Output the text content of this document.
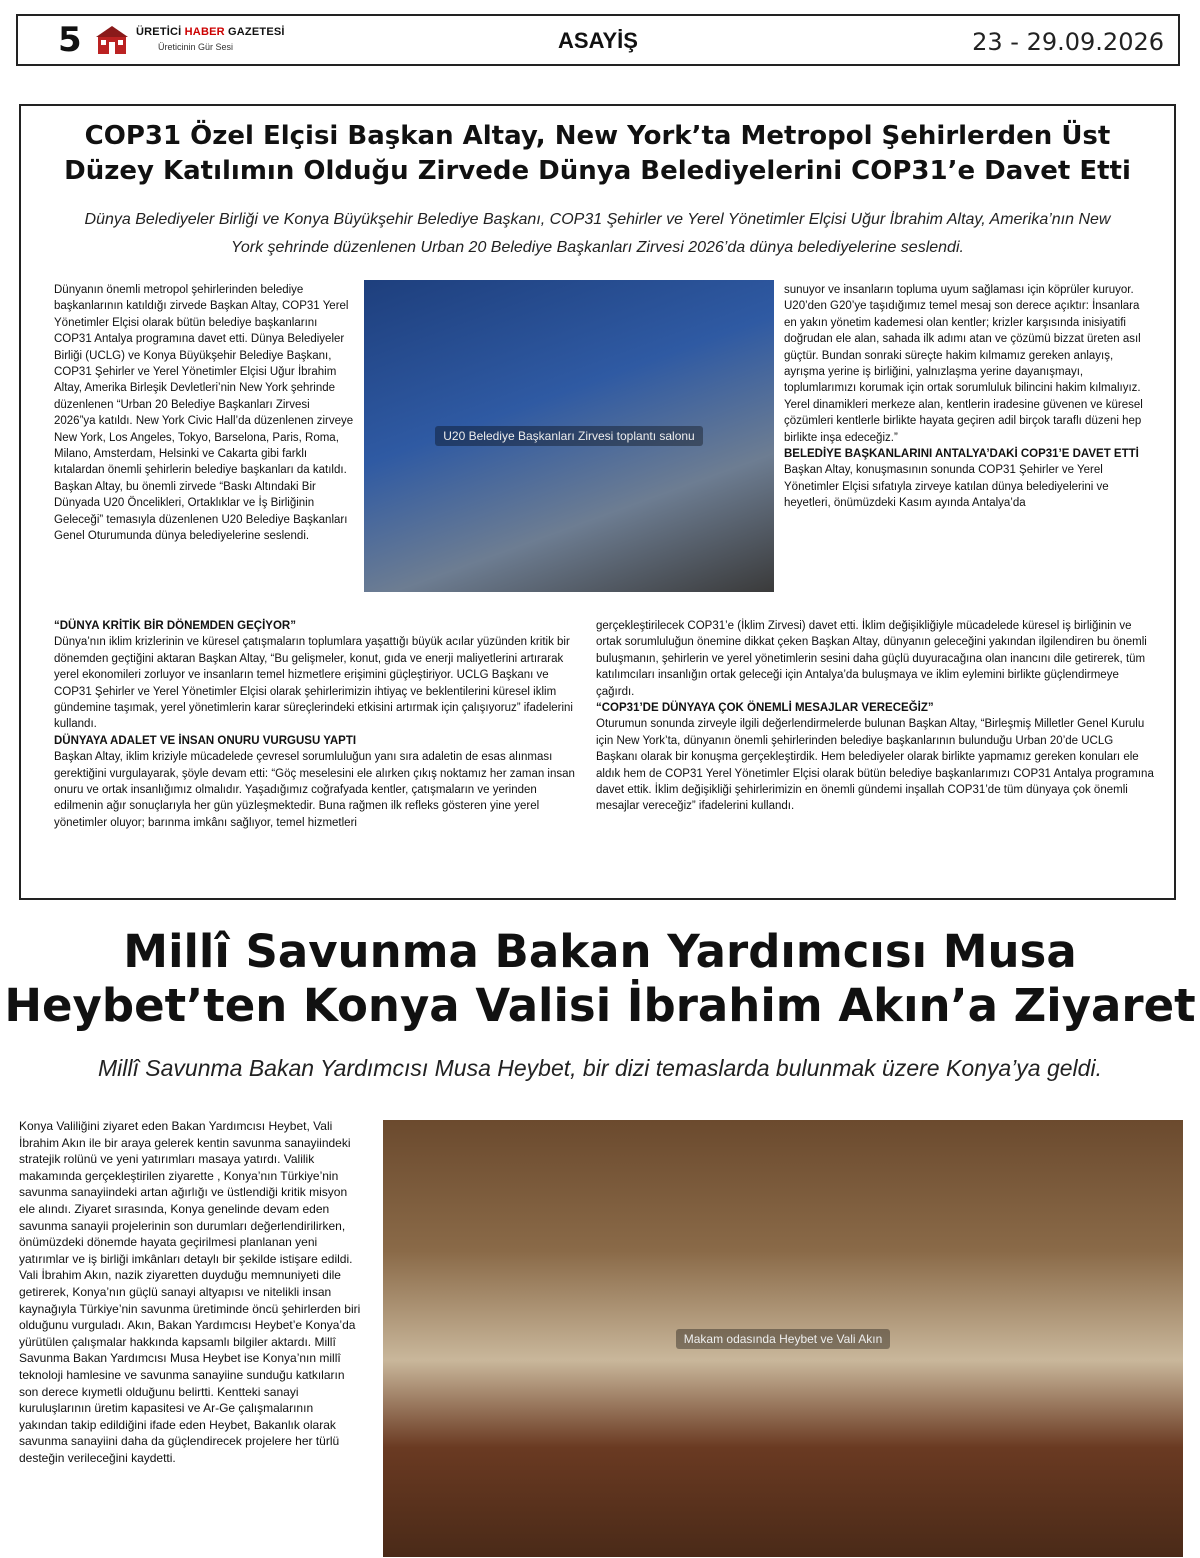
5	ÜRETİCİ HABER GAZETESİ
Üreticinin Gür Sesi	ASAYİŞ	23 - 29.09.2026
COP31 Özel Elçisi Başkan Altay, New York’ta Metropol Şehirlerden Üst
Düzey Katılımın Olduğu Zirvede Dünya Belediyelerini COP31’e Davet Etti
Dünya Belediyeler Birliği ve Konya Büyükşehir Belediye Başkanı, COP31 Şehirler ve Yerel Yönetimler Elçisi Uğur İbrahim Altay, Amerika’nın New
York şehrinde düzenlenen Urban 20 Belediye Başkanları Zirvesi 2026’da dünya belediyelerine seslendi.
U20 Belediye Başkanları Zirvesi toplantı salonu

Dünyanın önemli metropol şehirlerinden belediye başkanlarının katıldığı zirvede Başkan Altay, COP31 Yerel Yönetimler Elçisi olarak bütün belediye başkanlarını COP31 Antalya programına davet etti. Dünya Belediyeler Birliği (UCLG) ve Konya Büyükşehir Belediye Başkanı, COP31 Şehirler ve Yerel Yönetimler Elçisi Uğur İbrahim Altay, Amerika Birleşik Devletleri’nin New York şehrinde düzenlenen “Urban 20 Belediye Başkanları Zirvesi 2026”ya katıldı. New York Civic Hall’da düzenlenen zirveye New York, Los Angeles, Tokyo, Barselona, Paris, Roma, Milano, Amsterdam, Helsinki ve Cakarta gibi farklı kıtalardan önemli şehirlerin belediye başkanları da katıldı. Başkan Altay, bu önemli zirvede “Baskı Altındaki Bir Dünyada U20 Öncelikleri, Ortaklıklar ve İş Birliğinin Geleceği” temasıyla düzenlenen U20 Belediye Başkanları Genel Oturumunda dünya belediyelerine seslendi.

sunuyor ve insanların topluma uyum sağlaması için köprüler kuruyor. U20’den G20’ye taşıdığımız temel mesaj son derece açıktır: İnsanlara en yakın yönetim kademesi olan kentler; krizler karşısında inisiyatifi doğrudan ele alan, sahada ilk adımı atan ve çözümü bizzat üreten asıl güçtür. Bundan sonraki süreçte hakim kılmamız gereken anlayış, ayrışma yerine iş birliğini, yalnızlaşma yerine dayanışmayı, toplumlarımızı korumak için ortak sorumluluk bilincini hakim kılmalıyız. Yerel dinamikleri merkeze alan, kentlerin iradesine güvenen ve küresel çözümleri kentlerle birlikte hayata geçiren adil birçok taraflı düzeni hep birlikte inşa edeceğiz.”

BELEDİYE BAŞKANLARINI ANTALYA’DAKİ COP31’E DAVET ETTİ

Başkan Altay, konuşmasının sonunda COP31 Şehirler ve Yerel Yönetimler Elçisi sıfatıyla zirveye katılan dünya belediyelerini ve heyetleri, önümüzdeki Kasım ayında Antalya’da

“DÜNYA KRİTİK BİR DÖNEMDEN GEÇİYOR”

Dünya’nın iklim krizlerinin ve küresel çatışmaların toplumlara yaşattığı büyük acılar yüzünden kritik bir dönemden geçtiğini aktaran Başkan Altay, “Bu gelişmeler, konut, gıda ve enerji maliyetlerini artırarak yerel ekonomileri zorluyor ve insanların temel hizmetlere erişimini güçleştiriyor. UCLG Başkanı ve COP31 Şehirler ve Yerel Yönetimler Elçisi olarak şehirlerimizin ihtiyaç ve beklentilerini küresel iklim gündemine taşımak, yerel yönetimlerin karar süreçlerindeki etkisini artırmak için çalışıyoruz” ifadelerini kullandı.

DÜNYAYA ADALET VE İNSAN ONURU VURGUSU YAPTI

Başkan Altay, iklim kriziyle mücadelede çevresel sorumluluğun yanı sıra adaletin de esas alınması gerektiğini vurgulayarak, şöyle devam etti: “Göç meselesini ele alırken çıkış noktamız her zaman insan onuru ve ortak insanlığımız olmalıdır. Yaşadığımız coğrafyada kentler, çatışmaların ve yerinden edilmenin ağır sonuçlarıyla her gün yüzleşmektedir. Buna rağmen ilk refleks gösteren yine yerel yönetimler oluyor; barınma imkânı sağlıyor, temel hizmetleri

gerçekleştirilecek COP31’e (İklim Zirvesi) davet etti. İklim değişikliğiyle mücadelede küresel iş birliğinin ve ortak sorumluluğun önemine dikkat çeken Başkan Altay, dünyanın geleceğini yakından ilgilendiren bu önemli buluşmanın, şehirlerin ve yerel yönetimlerin sesini daha güçlü duyuracağına olan inancını dile getirerek, tüm katılımcıları insanlığın ortak geleceği için Antalya’da buluşmaya ve iklim eylemini birlikte güçlendirmeye çağırdı.

“COP31’DE DÜNYAYA ÇOK ÖNEMLİ MESAJLAR VERECEĞİZ”

Oturumun sonunda zirveyle ilgili değerlendirmelerde bulunan Başkan Altay, “Birleşmiş Milletler Genel Kurulu için New York’ta, dünyanın önemli şehirlerinden belediye başkanlarının bulunduğu Urban 20’de UCLG Başkanı olarak bir konuşma gerçekleştirdik. Hem belediyeler olarak birlikte yapmamız gereken konuları ele aldık hem de COP31 Yerel Yönetimler Elçisi olarak bütün belediye başkanlarımızı COP31 Antalya programına davet ettik. İklim değişikliği şehirlerimizin en önemli gündemi inşallah COP31’de tüm dünyaya çok önemli mesajlar vereceğiz” ifadelerini kullandı.

Millî Savunma Bakan Yardımcısı Musa
Heybet’ten Konya Valisi İbrahim Akın’a Ziyaret
Millî Savunma Bakan Yardımcısı Musa Heybet, bir dizi temaslarda bulunmak üzere Konya’ya geldi.

Konya Valiliğini ziyaret eden Bakan Yardımcısı Heybet, Vali İbrahim Akın ile bir araya gelerek kentin savunma sanayiindeki stratejik rolünü ve yeni yatırımları masaya yatırdı. Valilik makamında gerçekleştirilen ziyarette , Konya’nın Türkiye’nin savunma sanayiindeki artan ağırlığı ve üstlendiği kritik misyon ele alındı. Ziyaret sırasında, Konya genelinde devam eden savunma sanayii projelerinin son durumları değerlendirilirken, önümüzdeki dönemde hayata geçirilmesi planlanan yeni yatırımlar ve iş birliği imkânları detaylı bir şekilde istişare edildi. Vali İbrahim Akın, nazik ziyaretten duyduğu memnuniyeti dile getirerek, Konya’nın güçlü sanayi altyapısı ve nitelikli insan kaynağıyla Türkiye’nin savunma üretiminde öncü şehirlerden biri olduğunu vurguladı. Akın, Bakan Yardımcısı Heybet’e Konya’da yürütülen çalışmalar hakkında kapsamlı bilgiler aktardı. Millî Savunma Bakan Yardımcısı Musa Heybet ise Konya’nın millî teknoloji hamlesine ve savunma sanayiine sunduğu katkıların son derece kıymetli olduğunu belirtti. Kentteki sanayi kuruluşlarının üretim kapasitesi ve Ar-Ge çalışmalarının yakından takip edildiğini ifade eden Heybet, Bakanlık olarak savunma sanayiini daha da güçlendirecek projelere her türlü desteğin verileceğini kaydetti.

Makam odasında Heybet ve Vali Akın
